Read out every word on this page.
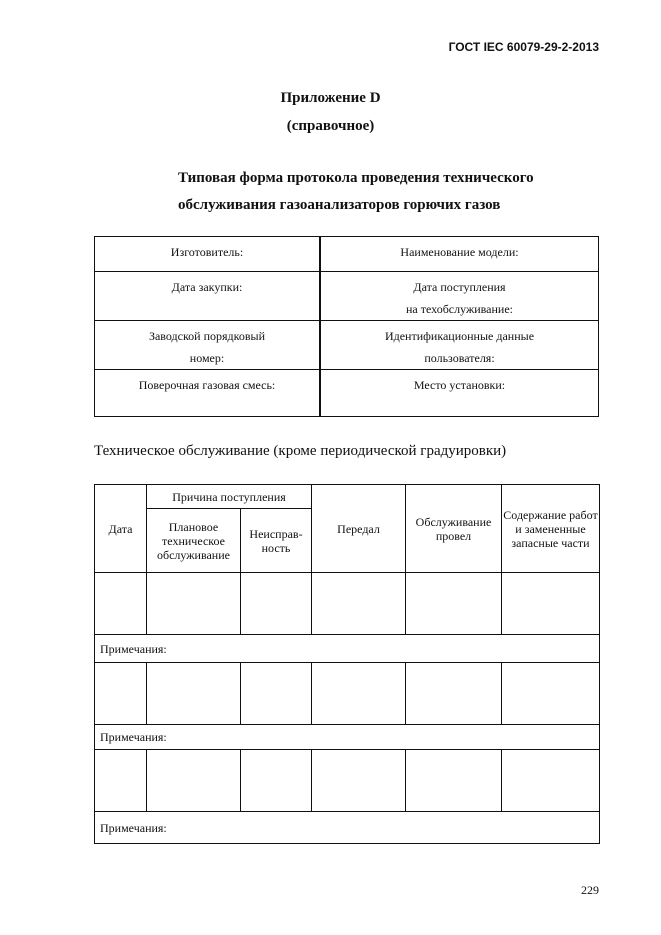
ГОСТ IEC 60079-29-2-2013
Приложение D
(справочное)
Типовая форма протокола проведения технического
обслуживания газоанализаторов горючих газов
Изготовитель:	Наименование модели:
Дата закупки:	Дата поступления
на техобслуживание:
Заводской порядковый
номер:	Идентификационные данные
пользователя:
Поверочная газовая смесь:	Место установки:
Техническое обслуживание (кроме периодической градуировки)
Дата	Причина поступления		Передал	Обслуживание провел	Содержание работ и замененные запасные части
	Плановое техническое обслуживание	Неисправ-ность			

Примечания:					

Примечания:					

Примечания:					
229
